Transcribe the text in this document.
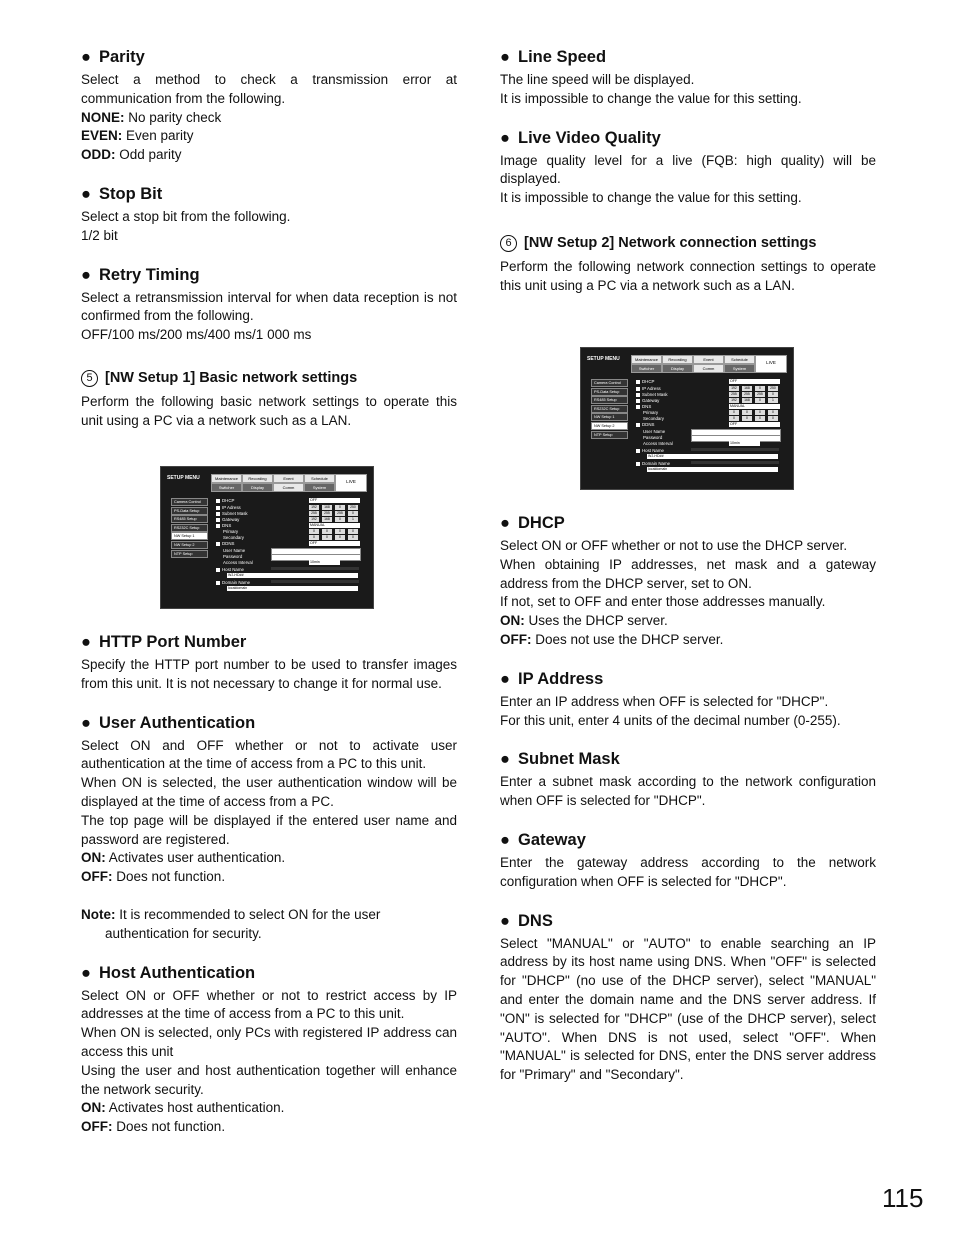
● Parity

Select a method to check a transmission error at communication from the following.

NONE: No parity check

EVEN: Even parity

ODD: Odd parity

● Stop Bit

Select a stop bit from the following.

1/2 bit

● Retry Timing

Select a retransmission interval for when data reception is not confirmed from the following.

OFF/100 ms/200 ms/400 ms/1 000 ms

5 [NW Setup 1] Basic network settings

Perform the following basic network settings to operate this unit using a PC via a network such as a LAN.

● HTTP Port Number

Specify the HTTP port number to be used to transfer images from this unit. It is not necessary to change it for normal use.

● User Authentication

Select ON and OFF whether or not to activate user authentication at the time of access from a PC to this unit.

When ON is selected, the user authentication window will be displayed at the time of access from a PC.

The top page will be displayed if the entered user name and password are registered.

ON: Activates user authentication.

OFF: Does not function.

Note: It is recommended to select ON for the user authentication for security.

● Host Authentication

Select ON or OFF whether or not to restrict access by IP addresses at the time of access from a PC to this unit.

When ON is selected, only PCs with registered IP address can access this unit

Using the user and host authentication together will enhance the network security.

ON: Activates host authentication.

OFF: Does not function.

● Line Speed

The line speed will be displayed.

It is impossible to change the value for this setting.

● Live Video Quality

Image quality level for a live (FQB: high quality) will be displayed.

It is impossible to change the value for this setting.

6 [NW Setup 2] Network connection settings

Perform the following network connection settings to operate this unit using a PC via a network such as a LAN.

● DHCP

Select ON or OFF whether or not to use the DHCP server.

When obtaining IP addresses, net mask and a gateway address from the DHCP server, set to ON.

If not, set to OFF and enter those addresses manually.

ON: Uses the DHCP server.

OFF: Does not use the DHCP server.

● IP Address

Enter an IP address when OFF is selected for "DHCP".

For this unit, enter 4 units of the decimal number (0-255).

● Subnet Mask

Enter a subnet mask according to the network configuration when OFF is selected for "DHCP".

● Gateway

Enter the gateway address according to the network configuration when OFF is selected for "DHCP".

● DNS

Select "MANUAL" or "AUTO" to enable searching an IP address by its host name using DNS. When "OFF" is selected for "DHCP" (no use of the DHCP server), select "MANUAL" and enter the domain name and the DNS server address. If "ON" is selected for "DHCP" (use of the DHCP server), select "AUTO". When DNS is not used, select "OFF". When "MANUAL" is selected for DNS, enter the DNS server address for "Primary" and "Secondary".

SETUP MENU	Maintenance	Recording	Event	Schedule
Switcher	Display	Comm	System
LIVE
Camera Control
PS-Data Setup
RS485 Setup
RS232C Setup
NW Setup 1
NW Setup 2
NTP Setup
DHCP	OFF
IP Adress	192	168	0	250
Subnet Mask	255	255	255	0
Gateway	192	168	0	1
DNS	MANUAL
Primary	0	0	0	0
Secondary	0	0	0	0
DDNS	OFF
User Name
Password
Access Interval	10min
Host Name
WJ-HD##
Domain Name
localdomain
SETUP MENU	Maintenance	Recording	Event	Schedule
Switcher	Display	Comm	System
LIVE
Camera Control
PS-Data Setup
RS485 Setup
RS232C Setup
NW Setup 1
NW Setup 2
NTP Setup
DHCP	OFF
IP Adress	192	168	0	250
Subnet Mask	255	255	255	0
Gateway	192	168	0	1
DNS	MANUAL
Primary	0	0	0	0
Secondary	0	0	0	0
DDNS	OFF
User Name
Password
Access Interval	10min
Host Name
WJ-HD##
Domain Name
localdomain
115
